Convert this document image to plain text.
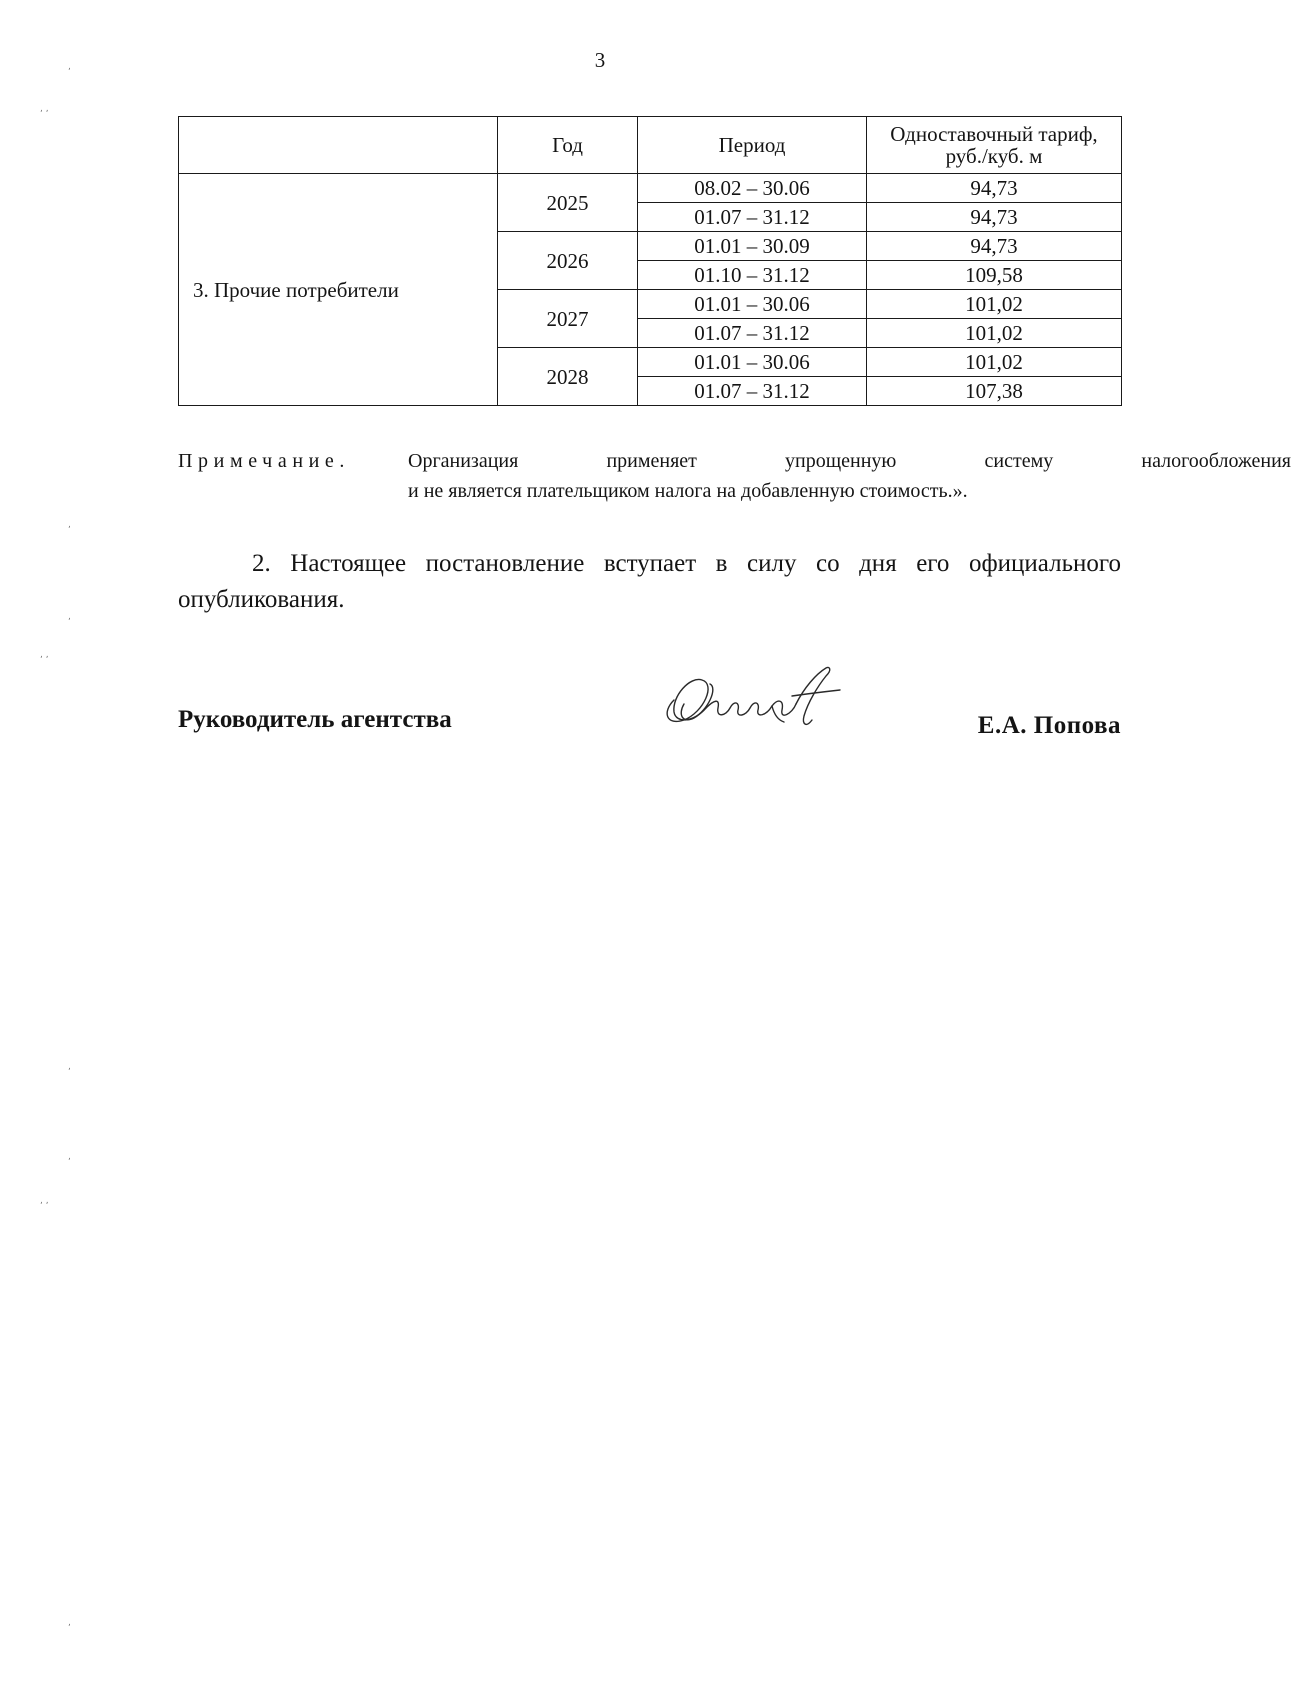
3
	Год	Период	Одноставочный тариф,
руб./куб. м
3. Прочие потребители	2025	08.02 – 30.06	94,73
		01.07 – 31.12	94,73
	2026	01.01 – 30.09	94,73
		01.10 – 31.12	109,58
	2027	01.01 – 30.06	101,02
		01.07 – 31.12	101,02
	2028	01.01 – 30.06	101,02
		01.07 – 31.12	107,38
Примечание.	Организация применяет упрощенную систему налогообложения
и не является плательщиком налога на добавленную стоимость.».
2. Настоящее постановление вступает в силу со дня его официального опубликования.
Руководитель агентства	Е.А. Попова
,
, ,
,
,
, ,
,
,
, ,
,
